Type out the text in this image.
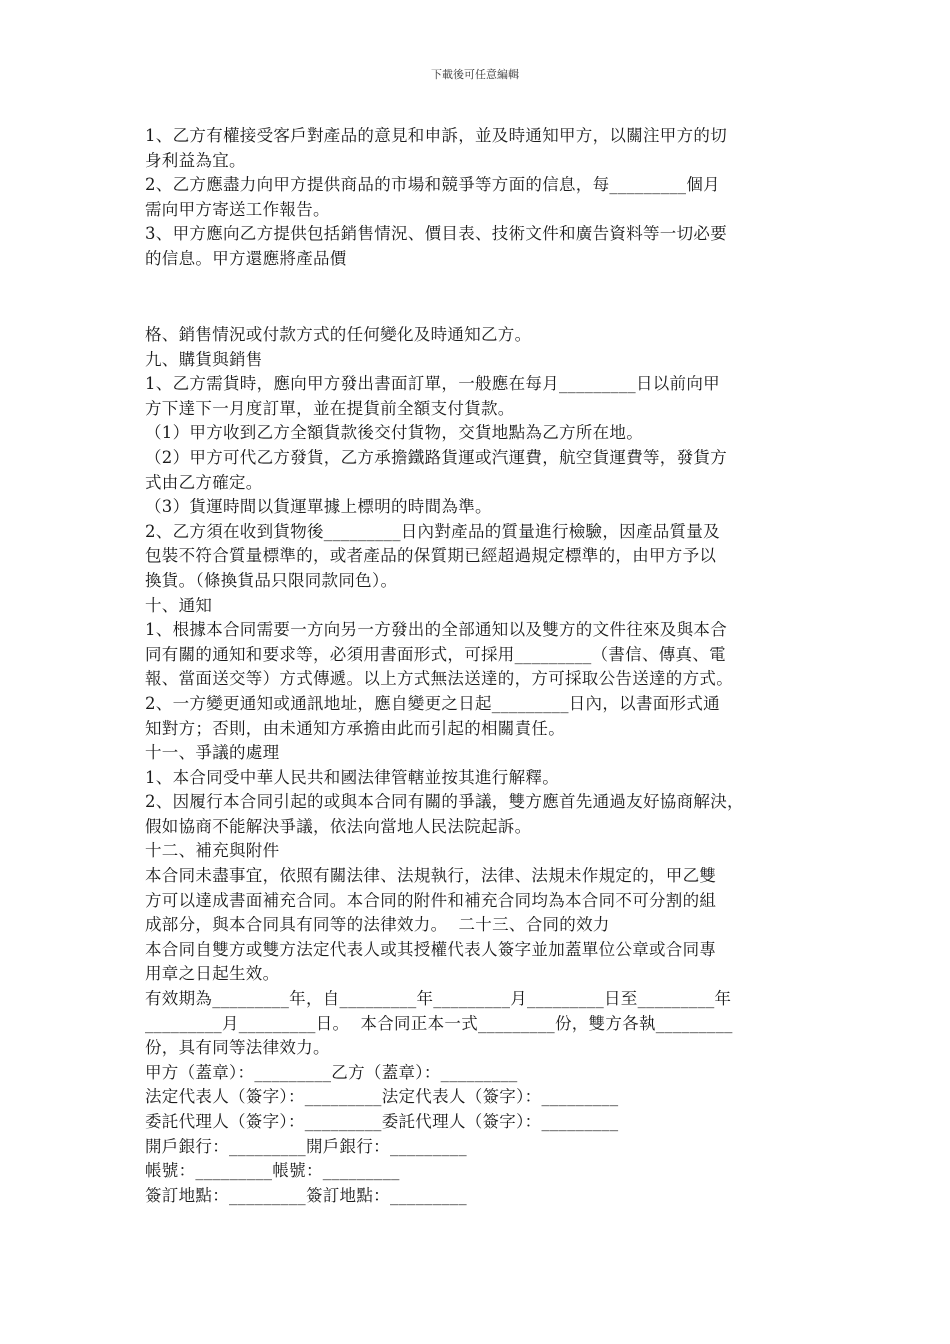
下載後可任意編輯

1、乙方有權接受客戶對產品的意見和申訴，並及時通知甲方，以關注甲方的切

身利益為宜。

2、乙方應盡力向甲方提供商品的市場和競爭等方面的信息，每_________個月

需向甲方寄送工作報告。

3、甲方應向乙方提供包括銷售情況、價目表、技術文件和廣告資料等一切必要

的信息。甲方還應將產品價

格、銷售情況或付款方式的任何變化及時通知乙方。

九、購貨與銷售

1、乙方需貨時，應向甲方發出書面訂單，一般應在每月_________日以前向甲

方下達下一月度訂單，並在提貨前全額支付貨款。

（1）甲方收到乙方全額貨款後交付貨物，交貨地點為乙方所在地。

（2）甲方可代乙方發貨，乙方承擔鐵路貨運或汽運費，航空貨運費等，發貨方

式由乙方確定。

（3）貨運時間以貨運單據上標明的時間為準。

2、乙方須在收到貨物後_________日內對產品的質量進行檢驗，因產品質量及

包裝不符合質量標準的，或者產品的保質期已經超過規定標準的，由甲方予以

換貨。（條換貨品只限同款同色）。

十、通知

1、根據本合同需要一方向另一方發出的全部通知以及雙方的文件往來及與本合

同有關的通知和要求等，必須用書面形式，可採用_________（書信、傳真、電

報、當面送交等）方式傳遞。以上方式無法送達的，方可採取公告送達的方式。

2、一方變更通知或通訊地址，應自變更之日起_________日內，以書面形式通

知對方；否則，由未通知方承擔由此而引起的相關責任。

十一、爭議的處理

1、本合同受中華人民共和國法律管轄並按其進行解釋。

2、因履行本合同引起的或與本合同有關的爭議，雙方應首先通過友好協商解決，

假如協商不能解決爭議，依法向當地人民法院起訴。

十二、補充與附件

本合同未盡事宜，依照有關法律、法規執行，法律、法規未作規定的，甲乙雙

方可以達成書面補充合同。本合同的附件和補充合同均為本合同不可分割的組

成部分，與本合同具有同等的法律效力。  二十三、合同的效力

本合同自雙方或雙方法定代表人或其授權代表人簽字並加蓋單位公章或合同專

用章之日起生效。

有效期為_________年，自_________年_________月_________日至_________年

_________月_________日。  本合同正本一式_________份，雙方各執_________

份，具有同等法律效力。

甲方（蓋章）：_________乙方（蓋章）：_________

法定代表人（簽字）：_________法定代表人（簽字）：_________

委託代理人（簽字）：_________委託代理人（簽字）：_________

開戶銀行：_________開戶銀行：_________

帳號：_________帳號：_________

簽訂地點：_________簽訂地點：_________
